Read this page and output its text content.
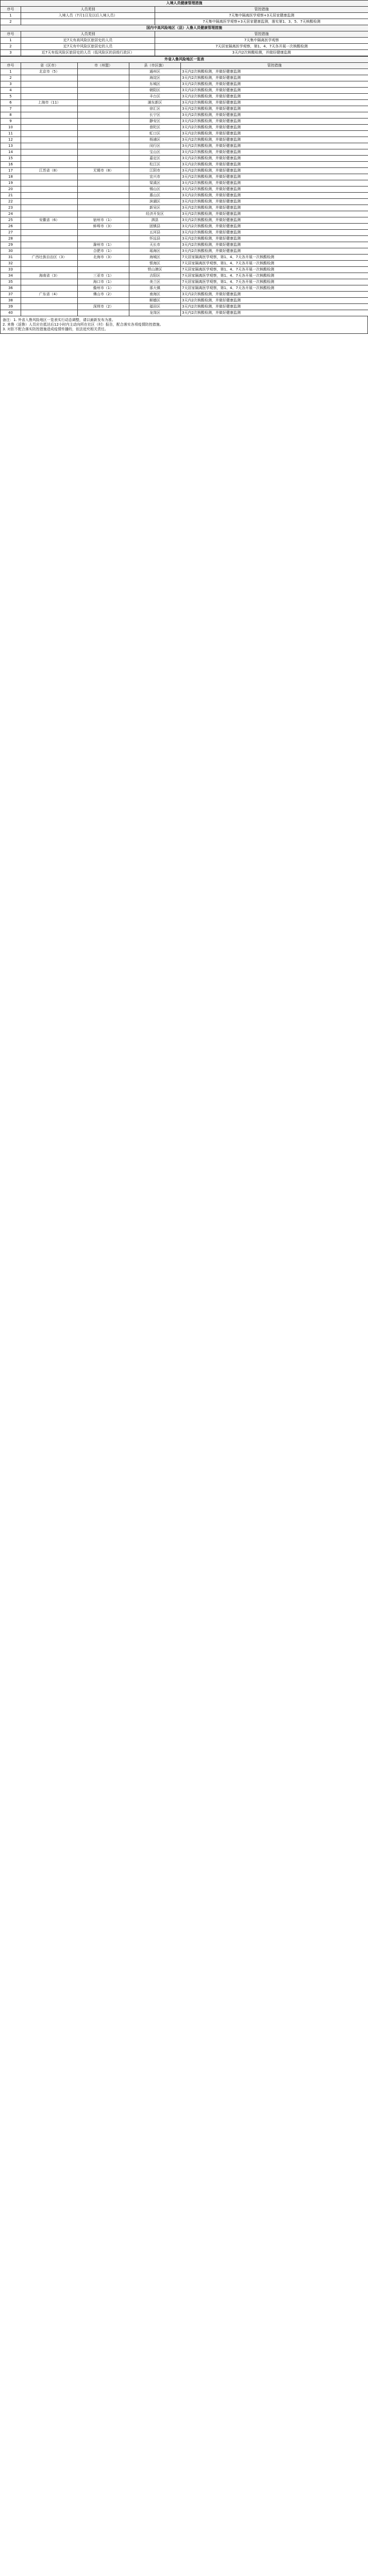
入境人员健康管理措施		
序号	人员类别	管控措施
1	入境人员（7月1日及以后入境人员）	7天集中隔离医学观察+3天居家健康监测
2		7天集中隔离医学观察+3天居家健康监测，落实第1、3、5、7天核酸检测
国内中高风险地区（县）入鲁人员健康管理措施		
序号	人员类别	管控措施
1	近7天有高风险区旅居史的人员	7天集中隔离医学观察
2	近7天有中风险区旅居史的人员	7天居家隔离医学观察，第1、4、7天各开展一次核酸检测
3	近7天有低风险区旅居史的人员（低风险区的县级行政区）	3天内2次核酸检测，并做好健康监测
外省入鲁风险地区一览表				
序号	省（区市）	市（州盟）	县（市区旗）	管控措施
1	北京市（5）		通州区	3天内2次核酸检测，并做好健康监测
2			海淀区	3天内2次核酸检测，并做好健康监测
3			东城区	3天内2次核酸检测，并做好健康监测
4			朝阳区	3天内2次核酸检测，并做好健康监测
5			丰台区	3天内2次核酸检测，并做好健康监测
6	上海市（11）		浦东新区	3天内2次核酸检测，并做好健康监测
7			徐汇区	3天内2次核酸检测，并做好健康监测
8			长宁区	3天内2次核酸检测，并做好健康监测
9			静安区	3天内2次核酸检测，并做好健康监测
10			普陀区	3天内2次核酸检测，并做好健康监测
11			虹口区	3天内2次核酸检测，并做好健康监测
12			杨浦区	3天内2次核酸检测，并做好健康监测
13			闵行区	3天内2次核酸检测，并做好健康监测
14			宝山区	3天内2次核酸检测，并做好健康监测
15			嘉定区	3天内2次核酸检测，并做好健康监测
16			松江区	3天内2次核酸检测，并做好健康监测
17	江苏省（8）	无锡市（8）	江阴市	3天内2次核酸检测，并做好健康监测
18			宜兴市	3天内2次核酸检测，并做好健康监测
19			梁溪区	3天内2次核酸检测，并做好健康监测
20			锡山区	3天内2次核酸检测，并做好健康监测
21			惠山区	3天内2次核酸检测，并做好健康监测
22			滨湖区	3天内2次核酸检测，并做好健康监测
23			新吴区	3天内2次核酸检测，并做好健康监测
24			经济开发区	3天内2次核酸检测，并做好健康监测
25	安徽省（6）	宿州市（1）	泗县	3天内2次核酸检测，并做好健康监测
26		蚌埠市（3）	固镇县	3天内2次核酸检测，并做好健康监测
27			五河县	3天内2次核酸检测，并做好健康监测
28			怀远县	3天内2次核酸检测，并做好健康监测
29		滁州市（1）	天长市	3天内2次核酸检测，并做好健康监测
30		合肥市（1）	瑶海区	3天内2次核酸检测，并做好健康监测
31	广西壮族自治区（3）	北海市（3）	海城区	7天居家隔离医学观察，第1、4、7天各开展一次核酸检测
32			银海区	7天居家隔离医学观察，第1、4、7天各开展一次核酸检测
33			铁山港区	7天居家隔离医学观察，第1、4、7天各开展一次核酸检测
34	海南省（3）	三亚市（1）	吉阳区	7天居家隔离医学观察，第1、4、7天各开展一次核酸检测
35		海口市（1）	美兰区	7天居家隔离医学观察，第1、4、7天各开展一次核酸检测
36		儋州市（1）	那大镇	7天居家隔离医学观察，第1、4、7天各开展一次核酸检测
37	广东省（4）	佛山市（2）	南海区	3天内2次核酸检测，并做好健康监测
38			顺德区	3天内2次核酸检测，并做好健康监测
39		深圳市（2）	福田区	3天内2次核酸检测，并做好健康监测
40			龙岗区	3天内2次核酸检测，并做好健康监测
备注：1. 外省入鲁风险地区一览表实行动态调整，请以最新发布为准。
2. 来鲁（返鲁）人员应在抵达后12小时内主动向所在社区（村）报告，配合落实各项疫情防控措施。
3. 对拒不配合落实防控措施造成疫情传播的，依法追究相关责任。
